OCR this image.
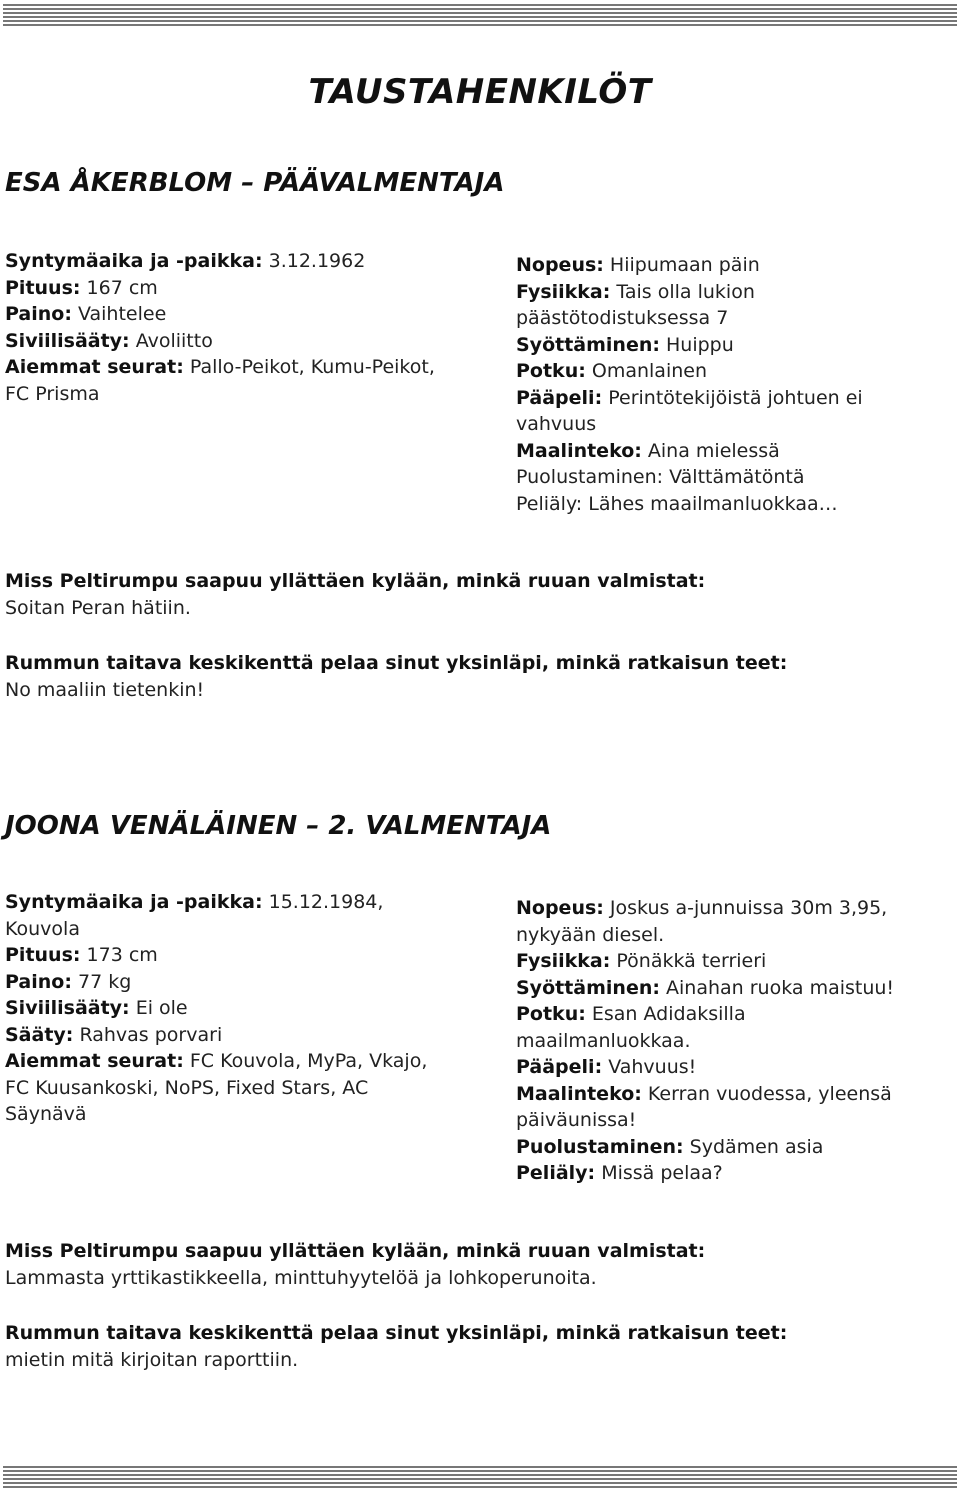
TAUSTAHENKILÖT
ESA ÅKERBLOM – PÄÄVALMENTAJA
Syntymäaika ja -paikka: 3.12.1962
Pituus: 167 cm
Paino: Vaihtelee
Siviilisääty: Avoliitto
Aiemmat seurat: Pallo-Peikot, Kumu-Peikot, FC Prisma
Nopeus: Hiipumaan päin
Fysiikka: Tais olla lukion päästötodistuksessa 7
Syöttäminen: Huippu
Potku: Omanlainen
Pääpeli: Perintötekijöistä johtuen ei vahvuus
Maalinteko: Aina mielessä
Puolustaminen: Välttämätöntä
Peliäly: Lähes maailmanluokkaa…
Miss Peltirumpu saapuu yllättäen kylään, minkä ruuan valmistat:
Soitan Peran hätiin.
Rummun taitava keskikenttä pelaa sinut yksinläpi, minkä ratkaisun teet:
No maaliin tietenkin!
JOONA VENÄLÄINEN – 2. VALMENTAJA
Syntymäaika ja -paikka: 15.12.1984, Kouvola
Pituus: 173 cm
Paino: 77 kg
Siviilisääty: Ei ole
Sääty: Rahvas porvari
Aiemmat seurat: FC Kouvola, MyPa, Vkajo, FC Kuusankoski, NoPS, Fixed Stars, AC Säynävä
Nopeus: Joskus a-junnuissa 30m 3,95, nykyään diesel.
Fysiikka: Pönäkkä terrieri
Syöttäminen: Ainahan ruoka maistuu!
Potku: Esan Adidaksilla maailmanluokkaa.
Pääpeli: Vahvuus!
Maalinteko: Kerran vuodessa, yleensä päiväunissa!
Puolustaminen: Sydämen asia
Peliäly: Missä pelaa?
Miss Peltirumpu saapuu yllättäen kylään, minkä ruuan valmistat:
Lammasta yrttikastikkeella, minttuhyytelöä ja lohkoperunoita.
Rummun taitava keskikenttä pelaa sinut yksinläpi, minkä ratkaisun teet:
mietin mitä kirjoitan raporttiin.
